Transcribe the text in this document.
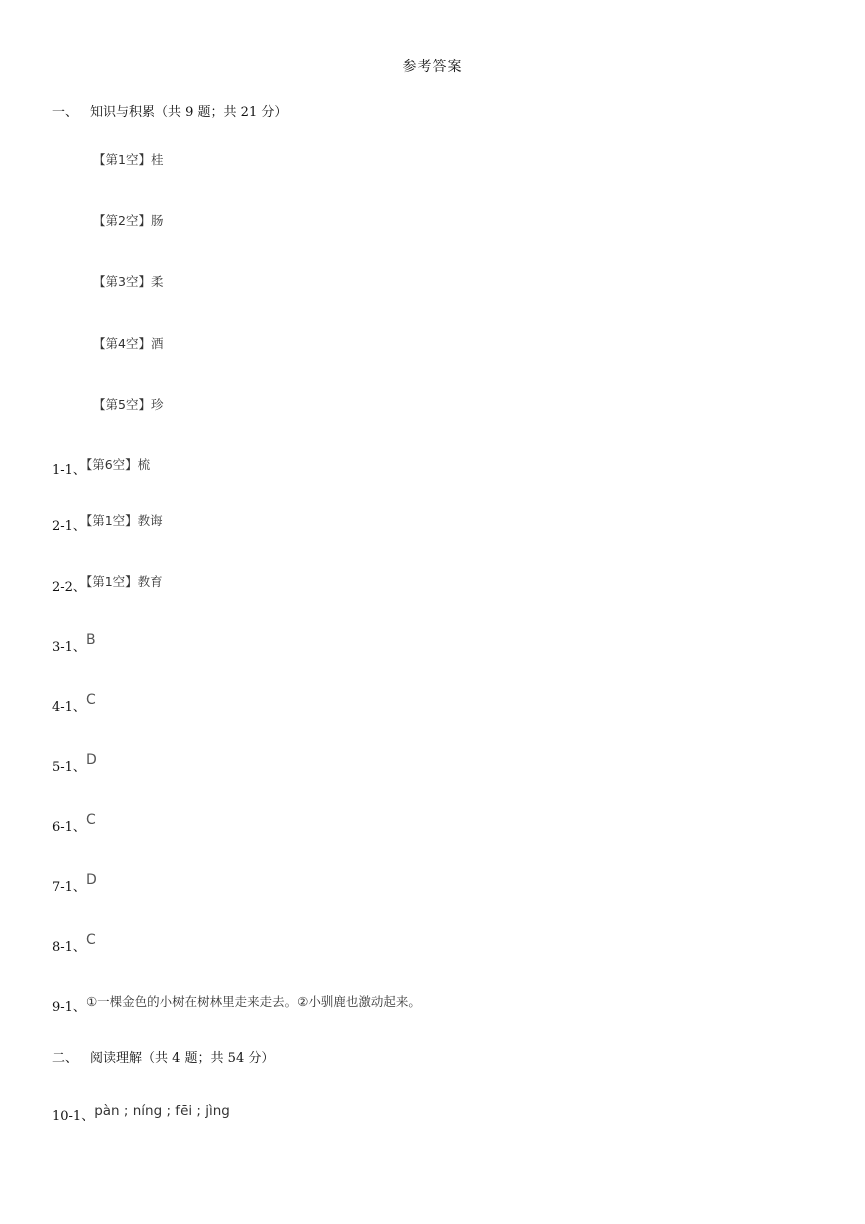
参考答案
一、 知识与积累（共 9 题；共 21 分）
【第1空】桂
【第2空】肠
【第3空】柔
【第4空】酒
【第5空】珍
1-1、$^{【第6空】梳}$
2-1、$^{【第1空】教诲}$
2-2、$^{【第1空】教育}$
3-1、B
4-1、C
5-1、D
6-1、C
7-1、D
8-1、C
9-1、$^{①一棵金色的小树在树林里走来走去。②小驯鹿也激动起来。}$
二、 阅读理解（共 4 题；共 54 分）
10-1、$^{pàn ; níng ; fēi ; jìng}$
